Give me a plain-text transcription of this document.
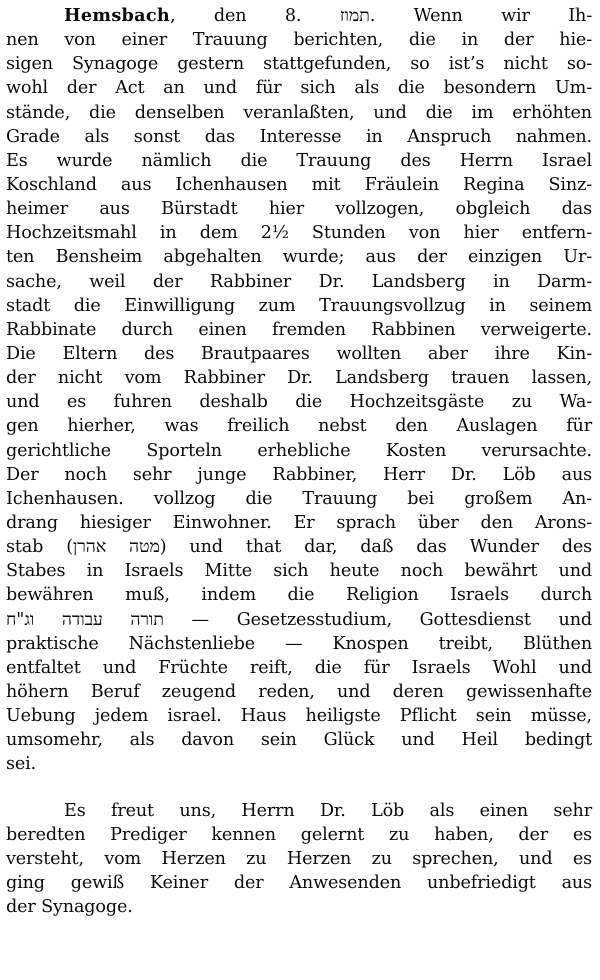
Hemsbach, den 8. תמוז. Wenn wir Ih-
nen von einer Trauung berichten, die in der hie-
sigen Synagoge gestern stattgefunden, so ist’s nicht so-
wohl der Act an und für sich als die besondern Um-
stände, die denselben veranlaßten, und die im erhöhten
Grade als sonst das Interesse in Anspruch nahmen.
Es wurde nämlich die Trauung des Herrn Israel
Koschland aus Ichenhausen mit Fräulein Regina Sinz-
heimer aus Bürstadt hier vollzogen, obgleich das
Hochzeitsmahl in dem 2½ Stunden von hier entfern-
ten Bensheim abgehalten wurde; aus der einzigen Ur-
sache, weil der Rabbiner Dr. Landsberg in Darm-
stadt die Einwilligung zum Trauungsvollzug in seinem
Rabbinate durch einen fremden Rabbinen verweigerte.
Die Eltern des Brautpaares wollten aber ihre Kin-
der nicht vom Rabbiner Dr. Landsberg trauen lassen,
und es fuhren deshalb die Hochzeitsgäste zu Wa-
gen hierher, was freilich nebst den Auslagen für
gerichtliche Sporteln erhebliche Kosten verursachte.
Der noch sehr junge Rabbiner, Herr Dr. Löb aus
Ichenhausen. vollzog die Trauung bei großem An-
drang hiesiger Einwohner. Er sprach über den Arons-
stab (מטה אהרן) und that dar, daß das Wunder des
Stabes in Israels Mitte sich heute noch bewährt und
bewähren muß, indem die Religion Israels durch
תורה עבודה וג"ח — Gesetzesstudium, Gottesdienst und
praktische Nächstenliebe — Knospen treibt, Blüthen
entfaltet und Früchte reift, die für Israels Wohl und
höhern Beruf zeugend reden, und deren gewissenhafte
Uebung jedem israel. Haus heiligste Pflicht sein müsse,
umsomehr, als davon sein Glück und Heil bedingt
sei.
Es freut uns, Herrn Dr. Löb als einen sehr
beredten Prediger kennen gelernt zu haben, der es
versteht, vom Herzen zu Herzen zu sprechen, und es
ging gewiß Keiner der Anwesenden unbefriedigt aus
der Synagoge.
